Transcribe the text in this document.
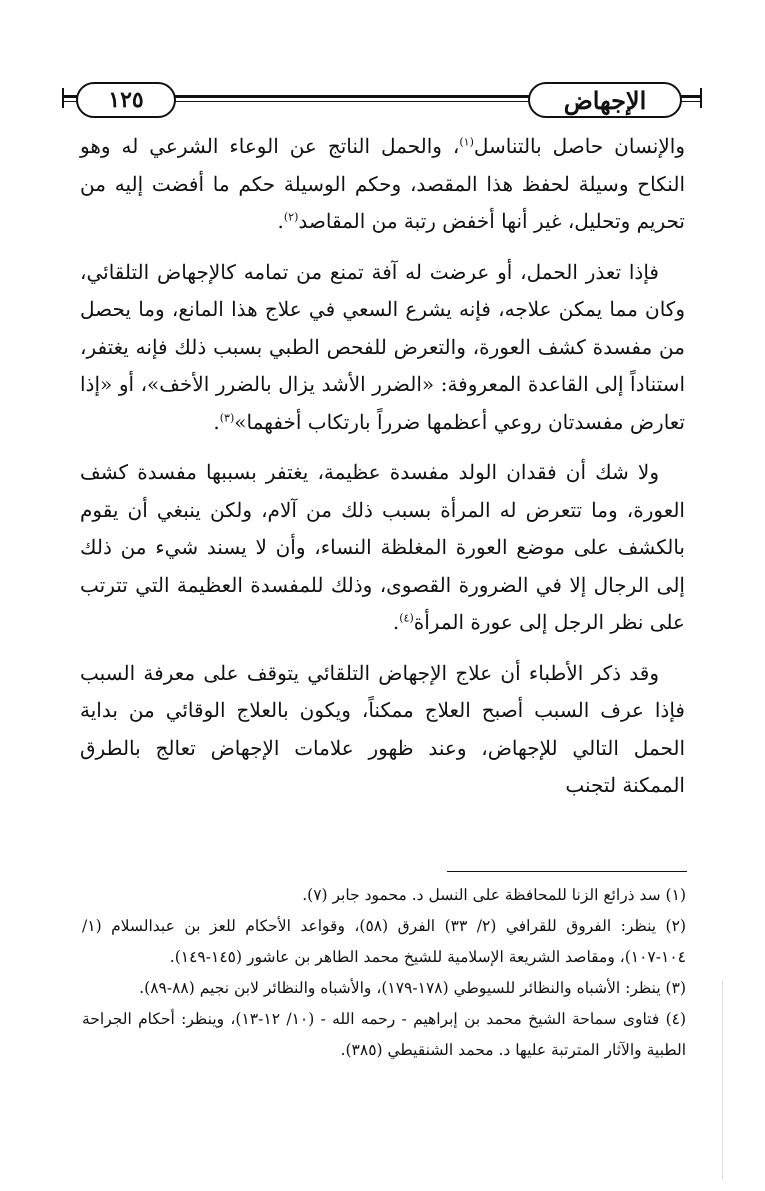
١٢٥	الإجهاض

والإنسان حاصل بالتناسل$^{(١)}$، والحمل الناتج عن الوعاء الشرعي له وهو النكاح وسيلة لحفظ هذا المقصد، وحكم الوسيلة حكم ما أفضت إليه من تحريم وتحليل، غير أنها أخفض رتبة من المقاصد$^{(٢)}$.

فإذا تعذر الحمل، أو عرضت له آفة تمنع من تمامه كالإجهاض التلقائي، وكان مما يمكن علاجه، فإنه يشرع السعي في علاج هذا المانع، وما يحصل من مفسدة كشف العورة، والتعرض للفحص الطبي بسبب ذلك فإنه يغتفر، استناداً إلى القاعدة المعروفة: «الضرر الأشد يزال بالضرر الأخف»، أو «إذا تعارض مفسدتان روعي أعظمها ضرراً بارتكاب أخفهما»$^{(٣)}$.

ولا شك أن فقدان الولد مفسدة عظيمة، يغتفر بسببها مفسدة كشف العورة، وما تتعرض له المرأة بسبب ذلك من آلام، ولكن ينبغي أن يقوم بالكشف على موضع العورة المغلظة النساء، وأن لا يسند شيء من ذلك إلى الرجال إلا في الضرورة القصوى، وذلك للمفسدة العظيمة التي تترتب على نظر الرجل إلى عورة المرأة$^{(٤)}$.

وقد ذكر الأطباء أن علاج الإجهاض التلقائي يتوقف على معرفة السبب فإذا عرف السبب أصبح العلاج ممكناً، ويكون بالعلاج الوقائي من بداية الحمل التالي للإجهاض، وعند ظهور علامات الإجهاض تعالج بالطرق الممكنة لتجنب

(١) سد ذرائع الزنا للمحافظة على النسل د. محمود جابر (٧).

(٢) ينظر: الفروق للقرافي (٢/ ٣٣) الفرق (٥٨)، وقواعد الأحكام للعز بن عبدالسلام (١/ ١٠٤-١٠٧)، ومقاصد الشريعة الإسلامية للشيخ محمد الطاهر بن عاشور (١٤٥-١٤٩).

(٣) ينظر: الأشباه والنظائر للسيوطي (١٧٨-١٧٩)، والأشباه والنظائر لابن نجيم (٨٨-٨٩).

(٤) فتاوى سماحة الشيخ محمد بن إبراهيم - رحمه الله - (١٠/ ١٢-١٣)، وينظر: أحكام الجراحة الطبية والآثار المترتبة عليها د. محمد الشنقيطي (٣٨٥).
